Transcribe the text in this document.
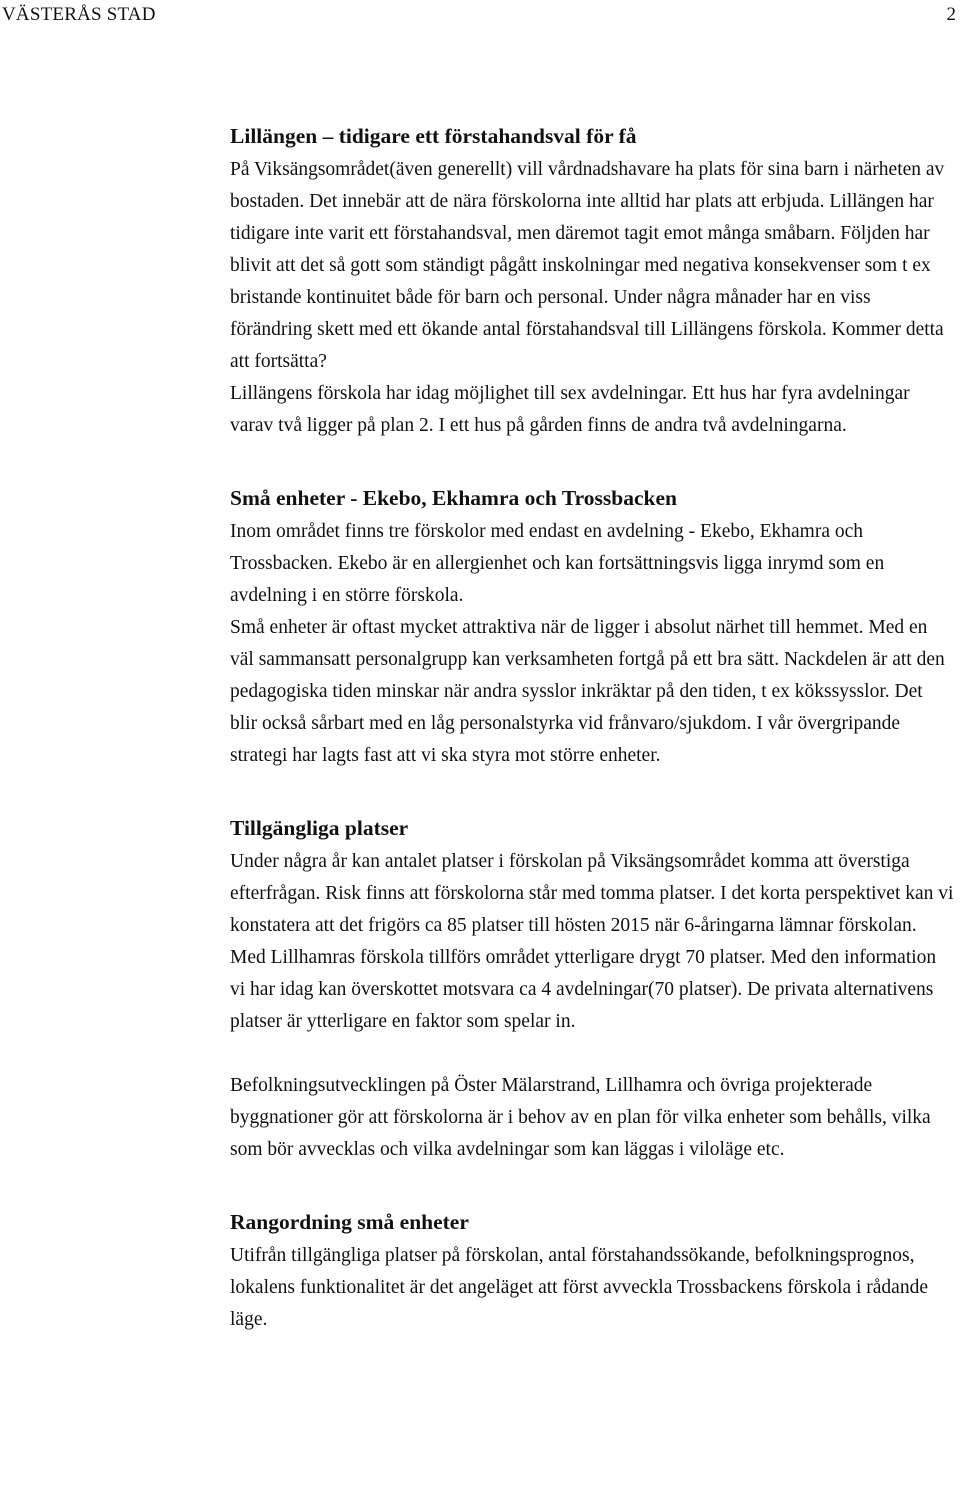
VÄSTERÅS STAD	2
Lillängen – tidigare ett förstahandsval för få

På Viksängsområdet(även generellt) vill vårdnadshavare ha plats för sina barn i närheten av bostaden. Det innebär att de nära förskolorna inte alltid har plats att erbjuda. Lillängen har tidigare inte varit ett förstahandsval, men däremot tagit emot många småbarn. Följden har blivit att det så gott som ständigt pågått inskolningar med negativa konsekvenser som t ex bristande kontinuitet både för barn och personal. Under några månader har en viss förändring skett med ett ökande antal förstahandsval till Lillängens förskola. Kommer detta att fortsätta?

Lillängens förskola har idag möjlighet till sex avdelningar. Ett hus har fyra avdelningar varav två ligger på plan 2. I ett hus på gården finns de andra två avdelningarna.

Små enheter - Ekebo, Ekhamra och Trossbacken

Inom området finns tre förskolor med endast en avdelning - Ekebo, Ekhamra och Trossbacken. Ekebo är en allergienhet och kan fortsättningsvis ligga inrymd som en avdelning i en större förskola.

Små enheter är oftast mycket attraktiva när de ligger i absolut närhet till hemmet. Med en väl sammansatt personalgrupp kan verksamheten fortgå på ett bra sätt. Nackdelen är att den pedagogiska tiden minskar när andra sysslor inkräktar på den tiden, t ex kökssysslor. Det blir också sårbart med en låg personalstyrka vid frånvaro/sjukdom. I vår övergripande strategi har lagts fast att vi ska styra mot större enheter.

Tillgängliga platser

Under några år kan antalet platser i förskolan på Viksängsområdet komma att överstiga efterfrågan. Risk finns att förskolorna står med tomma platser. I det korta perspektivet kan vi konstatera att det frigörs ca 85 platser till hösten 2015 när 6-åringarna lämnar förskolan. Med Lillhamras förskola tillförs området ytterligare drygt 70 platser. Med den information vi har idag kan överskottet motsvara ca 4 avdelningar(70 platser). De privata alternativens platser är ytterligare en faktor som spelar in.

Befolkningsutvecklingen på Öster Mälarstrand, Lillhamra och övriga projekterade byggnationer gör att förskolorna är i behov av en plan för vilka enheter som behålls, vilka som bör avvecklas och vilka avdelningar som kan läggas i viloläge etc.

Rangordning små enheter

Utifrån tillgängliga platser på förskolan, antal förstahandssökande, befolkningsprognos, lokalens funktionalitet är det angeläget att först avveckla Trossbackens förskola i rådande läge.
